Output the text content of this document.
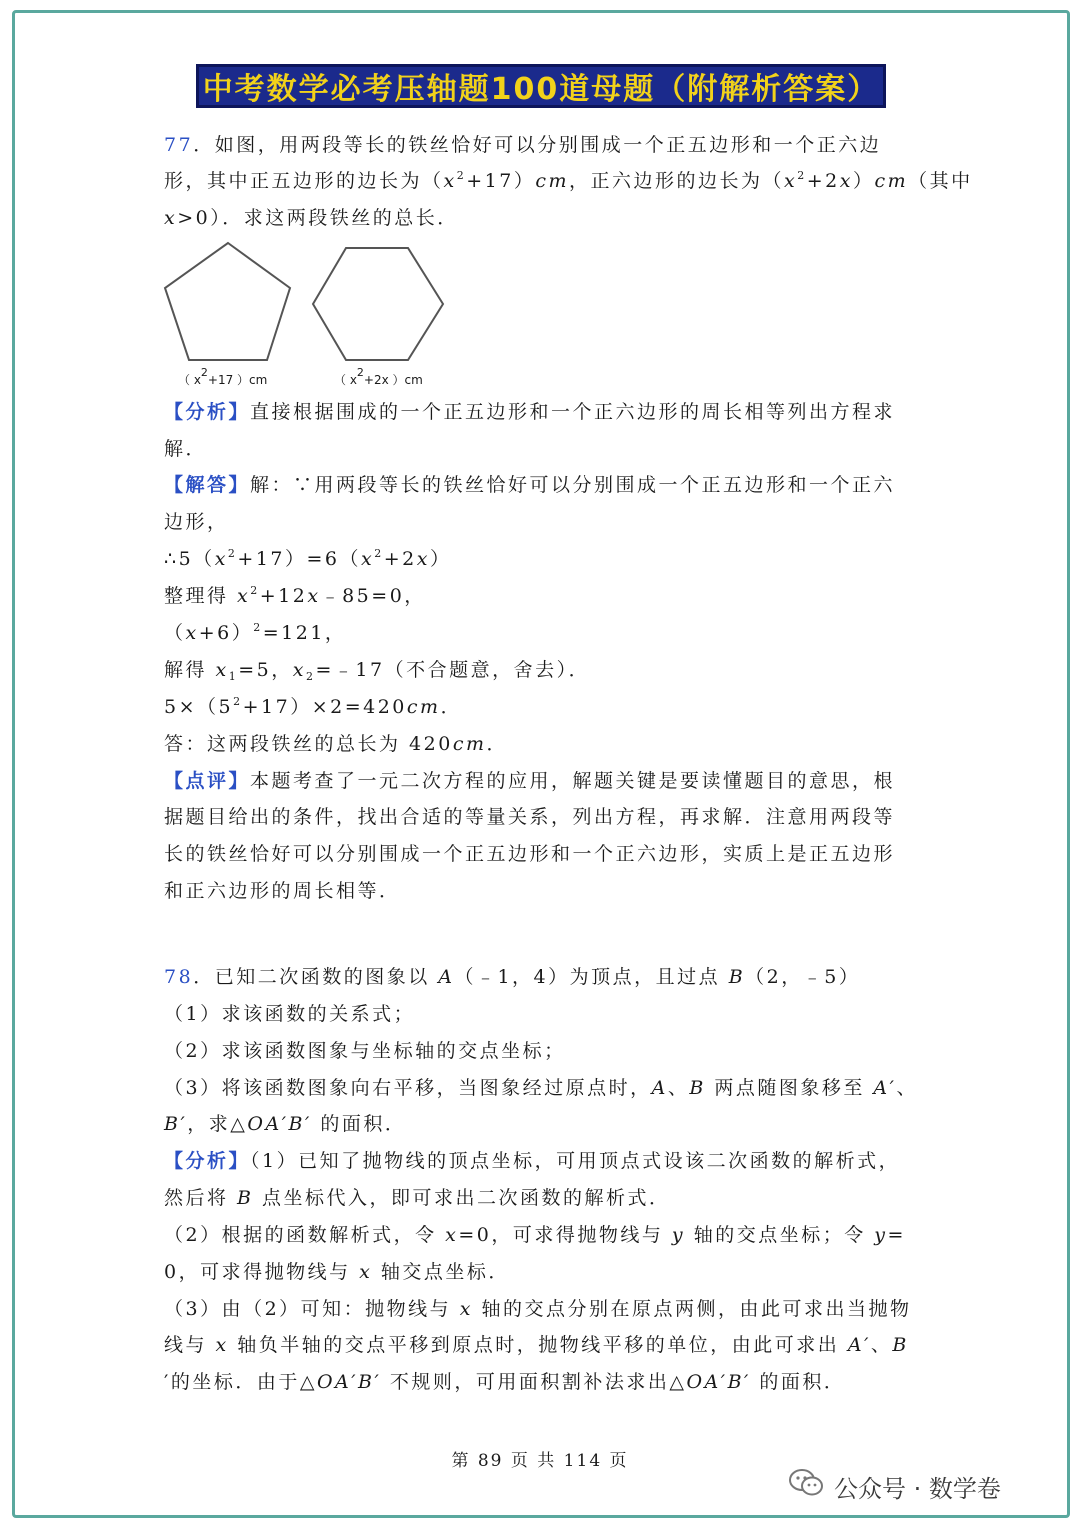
中考数学必考压轴题100道母题（附解析答案）
77．如图，用两段等长的铁丝恰好可以分别围成一个正五边形和一个正六边
形，其中正五边形的边长为$(x^2+17)cm$，正六边形的边长为$(x^2+2x)cm$（其中
x>0）．求这两段铁丝的总长．
【分析】直接根据围成的一个正五边形和一个正六边形的周长相等列出方程求
解．
【解答】解：∵用两段等长的铁丝恰好可以分别围成一个正五边形和一个正六
边形，
$\therefore 5(x^2+17)=6(x^2+2x)$
整理得 $x^2+12x﹣85=0$，
$(x+6)^2=121$，
解得 $x_1=5$，$x_2=﹣17$（不合题意，舍去）．
$5\times(5^2+17)\times 2=420cm$．
答：这两段铁丝的总长为 420cm．
【点评】本题考查了一元二次方程的应用，解题关键是要读懂题目的意思，根
据题目给出的条件，找出合适的等量关系，列出方程，再求解．注意用两段等
长的铁丝恰好可以分别围成一个正五边形和一个正六边形，实质上是正五边形
和正六边形的周长相等．
78．已知二次函数的图象以 A（﹣1，4）为顶点，且过点 B（2，﹣5）
（1）求该函数的关系式；
（2）求该函数图象与坐标轴的交点坐标；
（3）将该函数图象向右平移，当图象经过原点时，A、B 两点随图象移至 A′、
B′，求△OA′B′ 的面积．
【分析】（1）已知了抛物线的顶点坐标，可用顶点式设该二次函数的解析式，
然后将 B 点坐标代入，即可求出二次函数的解析式．
（2）根据的函数解析式，令 x=0，可求得抛物线与 y 轴的交点坐标；令 y=
0，可求得抛物线与 x 轴交点坐标．
（3）由（2）可知：抛物线与 x 轴的交点分别在原点两侧，由此可求出当抛物
线与 x 轴负半轴的交点平移到原点时，抛物线平移的单位，由此可求出 A′、B
′的坐标．由于△OA′B′ 不规则，可用面积割补法求出△OA′B′ 的面积．
（ $x^2+17$ ）cm	（ $x^2+2x$ ）cm
第 89 页 共 114 页
公众号 · 数学卷
